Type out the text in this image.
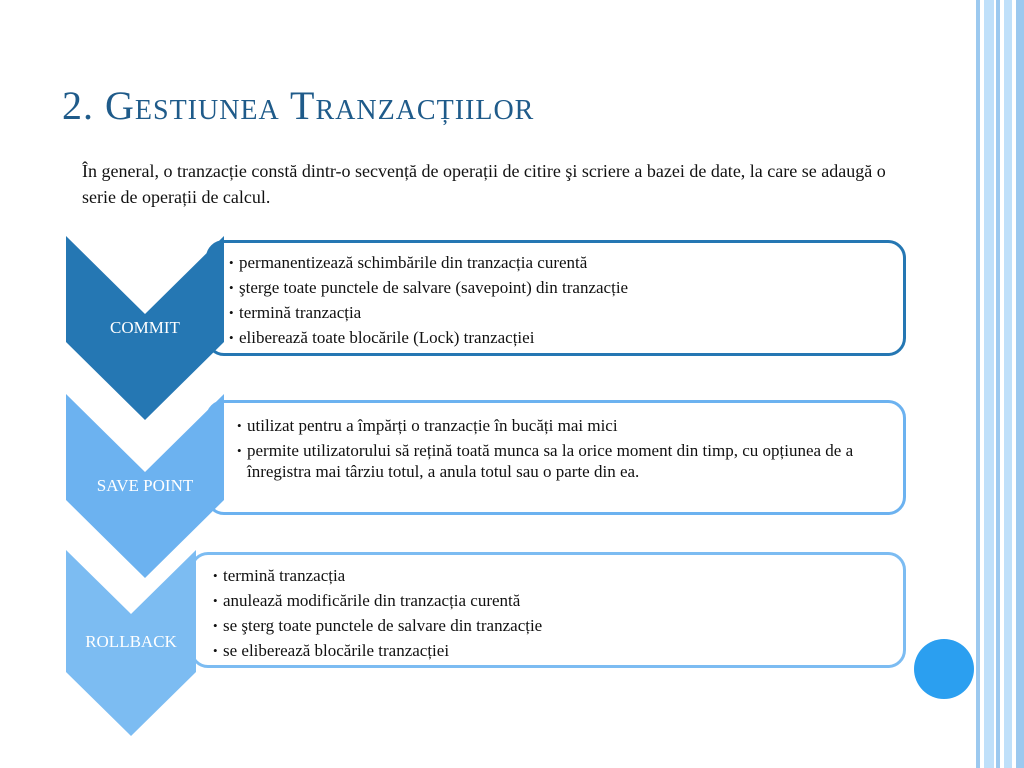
2. Gestiunea Tranzacțiilor
În general, o tranzacție constă dintr-o secvență de operații de citire şi scriere a bazei de date, la care se adaugă o serie de operații de calcul.
• permanentizează schimbările din tranzacția curentă
• şterge toate punctele de salvare (savepoint) din tranzacție
• termină tranzacția
• eliberează toate blocările (Lock) tranzacției
COMMIT
• utilizat pentru a împărți o tranzacție în bucăți mai mici
• permite utilizatorului să rețină toată munca sa la orice moment din timp, cu opțiunea de a înregistra mai târziu totul, a anula totul sau o parte din ea.
SAVE POINT
• termină tranzacția
• anulează modificările din tranzacția curentă
• se şterg toate punctele de salvare din tranzacție
• se eliberează blocările tranzacției
ROLLBACK
